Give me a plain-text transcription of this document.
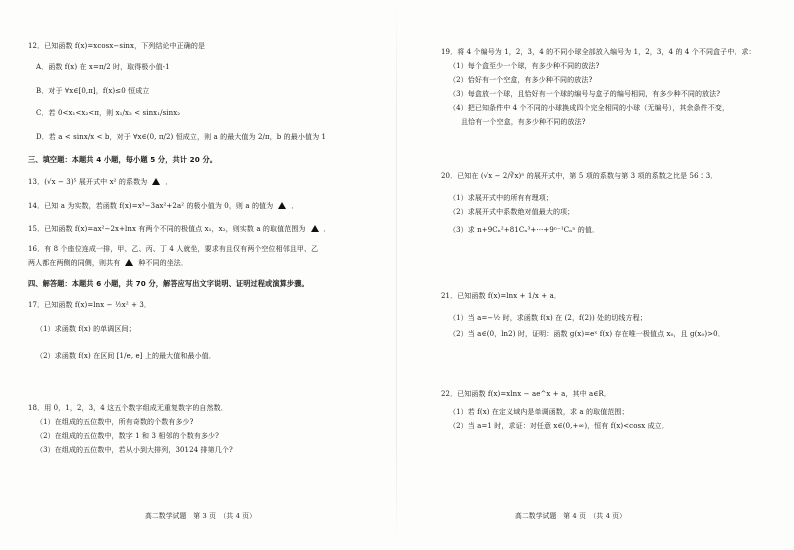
12．已知函数 f(x)=xcosx−sinx，下列结论中正确的是
A．函数 f(x) 在 x=π/2 时，取得极小值-1
B．对于 ∀x∈[0,π]，f(x)≤0 恒成立
C．若 0<x₁<x₂<π，则 x₁/x₂ < sinx₁/sinx₂
D．若 a < sinx/x < b，对于 ∀x∈(0, π/2) 恒成立，则 a 的最大值为 2/π，b 的最小值为 1
三、填空题：本题共 4 小题，每小题 5 分，共计 20 分。
13．(√x − 3)⁵ 展开式中 x² 的系数为	．
14．已知 a 为实数，若函数 f(x)=x³−3ax²+2a² 的极小值为 0，则 a 的值为	．
15．已知函数 f(x)=ax²−2x+lnx 有两个不同的极值点 x₁，x₂，则实数 a 的取值范围为	．
16．有 8 个座位连成一排，甲、乙、丙、丁 4 人就坐，要求有且仅有两个空位相邻且甲、乙
两人都在两侧的同侧，则共有	种不同的坐法．
四、解答题：本题共 6 小题，共 70 分，解答应写出文字说明、证明过程或演算步骤。
17．已知函数 f(x)=lnx − ½x² + 3．
（1）求函数 f(x) 的单调区间；
（2）求函数 f(x) 在区间 [1/e, e] 上的最大值和最小值．
18．用 0，1，2，3，4 这五个数字组成无重复数字的自然数．
（1）在组成的五位数中，所有奇数的个数有多少?
（2）在组成的五位数中，数字 1 和 3 相邻的个数有多少?
（3）在组成的五位数中，若从小到大排列，30124 排第几个?
高二数学试题　第 3 页　（共 4 页）
19．将 4 个编号为 1，2，3，4 的不同小球全部放入编号为 1，2，3，4 的 4 个不同盒子中．求：
（1）每个盒至少一个球，有多少种不同的放法?
（2）恰好有一个空盒，有多少种不同的放法?
（3）每盒放一个球，且恰好有一个球的编号与盒子的编号相同，有多少种不同的放法?
（4）把已知条件中 4 个不同的小球换成四个完全相同的小球（无编号），其余条件不变，
且恰有一个空盒，有多少种不同的放法?
20．已知在 (√x − 2/∛x)ⁿ 的展开式中，第 5 项的系数与第 3 项的系数之比是 56∶3．
（1）求展开式中的所有有理项；
（2）求展开式中系数绝对值最大的项；
（3）求 n+9Cₙ²+81Cₙ³+⋯+9ⁿ⁻¹Cₙⁿ 的值．
21．已知函数 f(x)=lnx + 1/x + a．
（1）当 a=−½ 时，求函数 f(x) 在 (2，f(2)) 处的切线方程；
（2）当 a∈(0，ln2) 时，证明：函数 g(x)=eˣ f(x) 存在唯一极值点 x₀，且 g(x₀)>0．
22．已知函数 f(x)=xlnx − ae^x + a，其中 a∈R．
（1）若 f(x) 在定义域内是单调函数，求 a 的取值范围；
（2）当 a=1 时，求证：对任意 x∈(0,+∞)，恒有 f(x)<cosx 成立．
高二数学试题　第 4 页　（共 4 页）
